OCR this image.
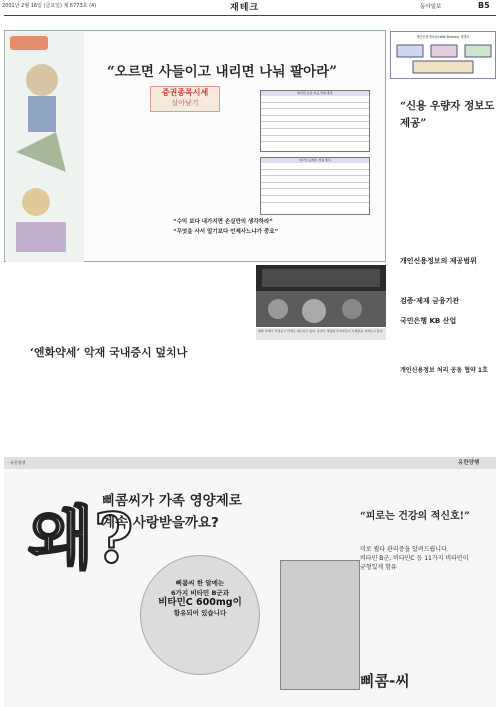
2001년 2월 16일 (금요일) 제 6773호 (4)	재테크	동아일보	B5
“오르면 사들이고 내리면 나눠 팔아라”
증권종목시세
살아남기
외국인 보유 비율 상위 종목
외국인 순매수 상위 종목
“수익 보다 내가지면 손실만의 생각하라”
“무엇을 사서 얼기보다 언제사느냐가 중요”
개인신용정보(Credit Bureau) 체계도
“신용 우량자 정보도 제공”
개인신용정보의 제공범위
검증·제재 금융기관
국민은행 KB 산업
개인신용정보 처리 공동 협약 1호
엔화 약세가 국내증시 악재로 대두되고 있다. 증권사 객장의 투자자들이 시세판을 지켜보고 있다.
‘엔화약세’ 악재 국내증시 덮치나
유한양행	유한양행
왜?
삐콤씨가 가족 영양제로
계속 사랑받을까요?
삐콤씨 한 알에는
6가지 비타민 B군과
비타민C 600mg이
함유되어 있습니다
“피로는 건강의 적신호!”
미로 퀼다 관리중을 알려드립니다.
비타민 B군, 비타민C 등 11가지 비타민이
균형있게 함유
삐콤-씨
